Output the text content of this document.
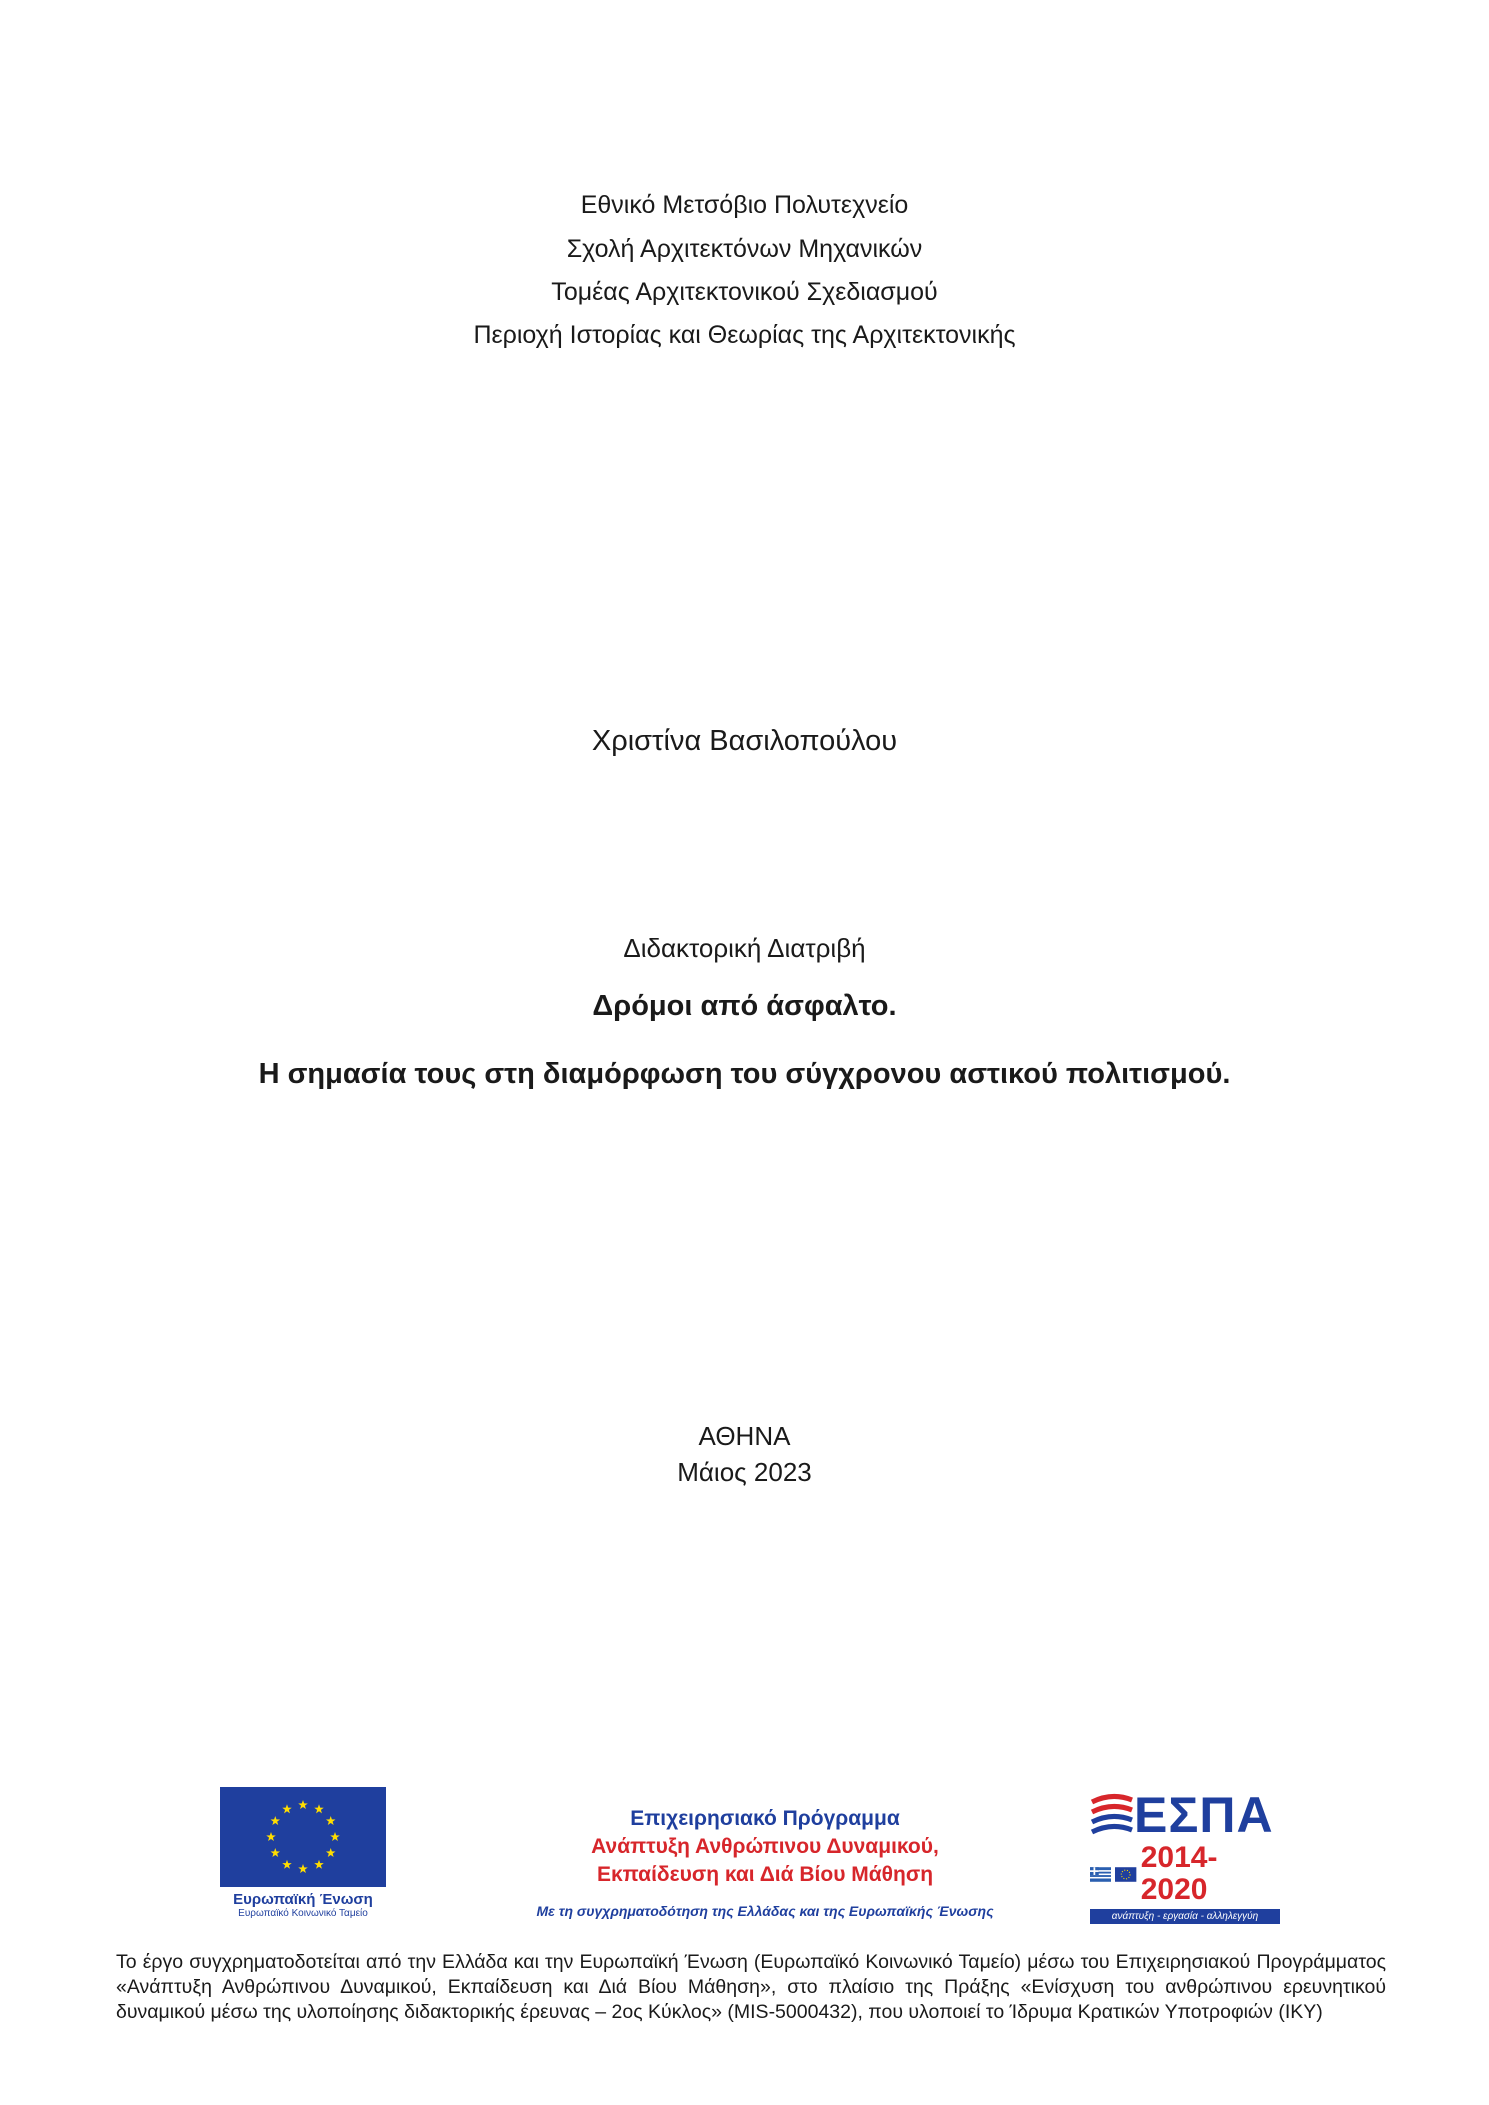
Εθνικό Μετσόβιο Πολυτεχνείο

Σχολή Αρχιτεκτόνων Μηχανικών

Τομέας Αρχιτεκτονικού Σχεδιασμού

Περιοχή Ιστορίας και Θεωρίας της Αρχιτεκτονικής

Χριστίνα Βασιλοπούλου
Διδακτορική Διατριβή
Δρόμοι από άσφαλτο.
Η σημασία τους στη διαμόρφωση του σύγχρονου αστικού πολιτισμού.
ΑΘΗΝΑ
Μάιος 2023
Ευρωπαϊκή Ένωση
Ευρωπαϊκό Κοινωνικό Ταμείο
Επιχειρησιακό Πρόγραμμα
Ανάπτυξη Ανθρώπινου Δυναμικού,
Εκπαίδευση και Διά Βίου Μάθηση
Με τη συγχρηματοδότηση της Ελλάδας και της Ευρωπαϊκής Ένωσης
ΕΣΠΑ
2014-2020
ανάπτυξη - εργασία - αλληλεγγύη
Το έργο συγχρηματοδοτείται από την Ελλάδα και την Ευρωπαϊκή Ένωση (Ευρωπαϊκό Κοινωνικό Ταμείο) μέσω του Επιχειρησιακού Προγράμματος «Ανάπτυξη Ανθρώπινου Δυναμικού, Εκπαίδευση και Διά Βίου Μάθηση», στο πλαίσιο της Πράξης «Ενίσχυση του ανθρώπινου ερευνητικού δυναμικού μέσω της υλοποίησης διδακτορικής έρευνας – 2ος Κύκλος» (MIS-5000432), που υλοποιεί το Ίδρυμα Κρατικών Υποτροφιών (ΙΚΥ)
